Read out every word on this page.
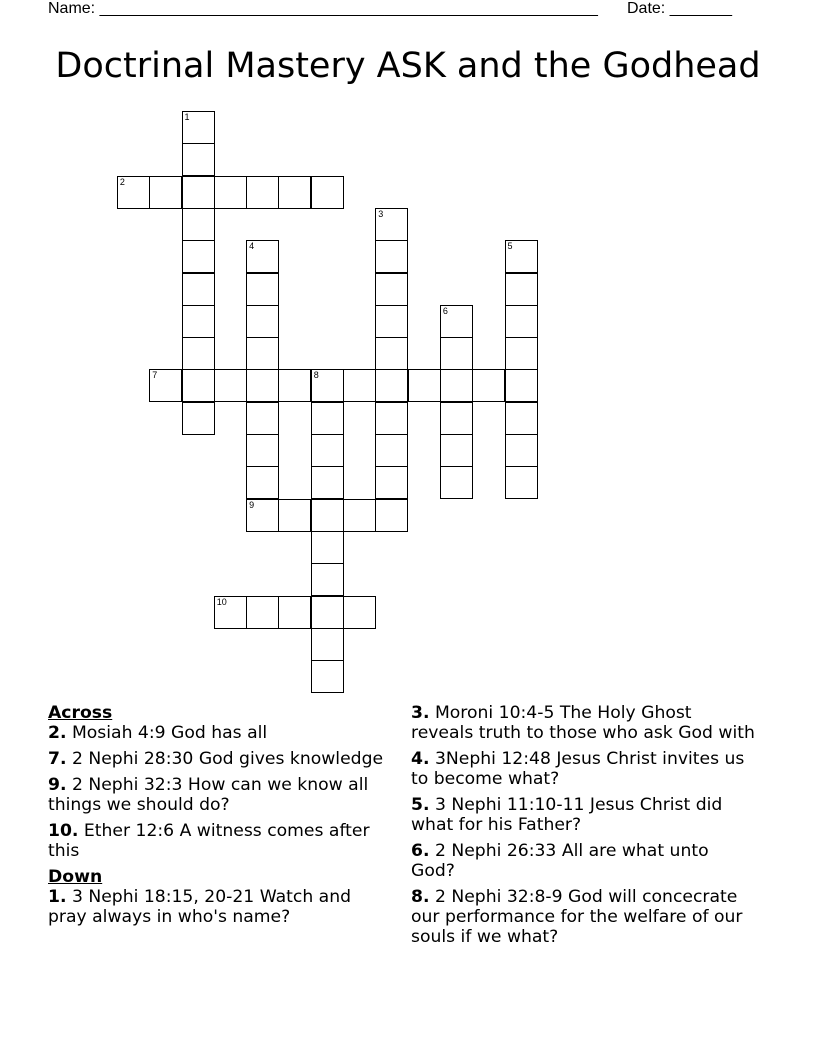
Name: ________________________________________________________ Date: _______
Doctrinal Mastery ASK and the Godhead
1
2
3
4	5
6
7	8
9
10
Across
2. Mosiah 4:9 God has all
7. 2 Nephi 28:30 God gives knowledge
9. 2 Nephi 32:3 How can we know all things we should do?
10. Ether 12:6 A witness comes after this
Down
1. 3 Nephi 18:15, 20-21 Watch and pray always in who's name?
3. Moroni 10:4-5 The Holy Ghost reveals truth to those who ask God with
4. 3Nephi 12:48 Jesus Christ invites us to become what?
5. 3 Nephi 11:10-11 Jesus Christ did what for his Father?
6. 2 Nephi 26:33 All are what unto God?
8. 2 Nephi 32:8-9 God will concecrate our performance for the welfare of our souls if we what?
